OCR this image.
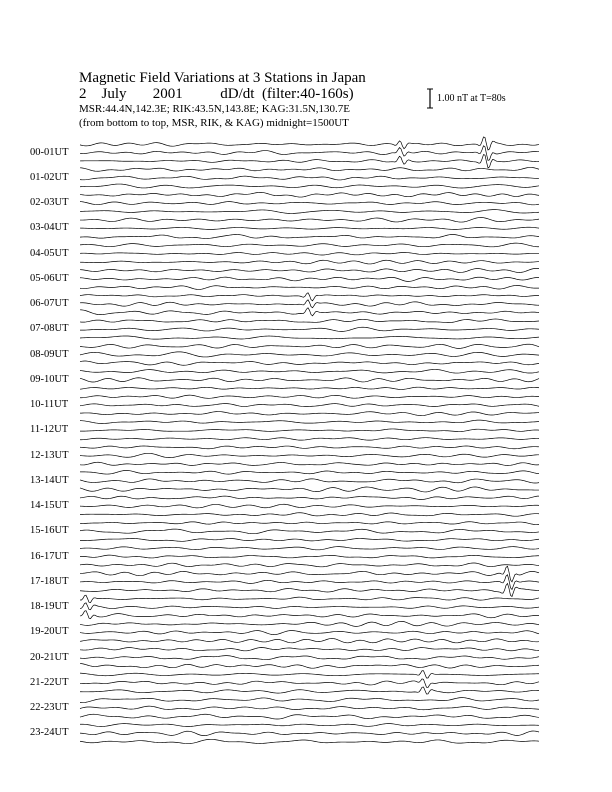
Magnetic Field Variations at 3 Stations in Japan
2 July 2001	dD/dt (filter:40-160s)
MSR:44.4N,142.3E; RIK:43.5N,143.8E; KAG:31.5N,130.7E
(from bottom to top, MSR, RIK, & KAG) midnight=1500UT
1.00 nT at T=80s
00-01UT
01-02UT
02-03UT
03-04UT
04-05UT
05-06UT
06-07UT
07-08UT
08-09UT
09-10UT
10-11UT
11-12UT
12-13UT
13-14UT
14-15UT
15-16UT
16-17UT
17-18UT
18-19UT
19-20UT
20-21UT
21-22UT
22-23UT
23-24UT
